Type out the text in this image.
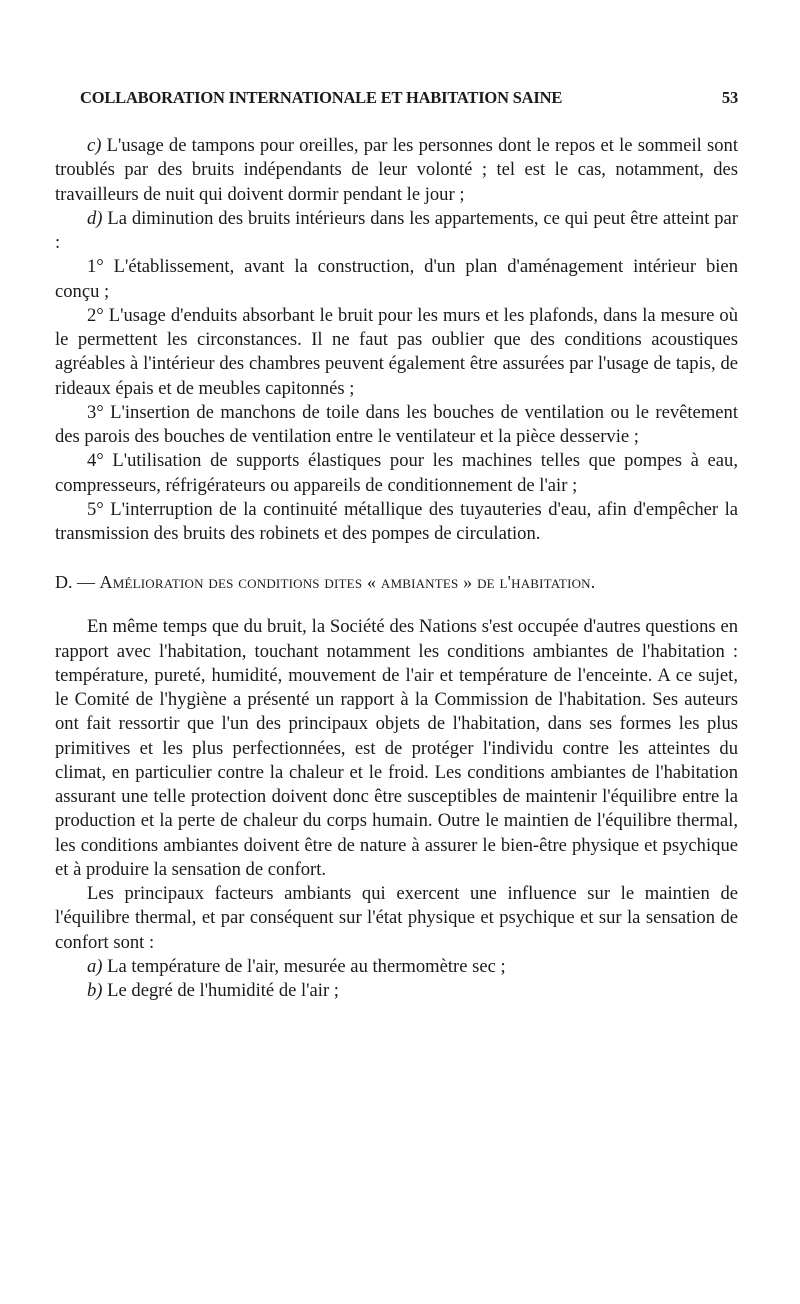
COLLABORATION INTERNATIONALE ET HABITATION SAINE	53

c) L'usage de tampons pour oreilles, par les personnes dont le repos et le sommeil sont troublés par des bruits indépendants de leur volonté ; tel est le cas, notamment, des travailleurs de nuit qui doivent dormir pendant le jour ;

d) La diminution des bruits intérieurs dans les appartements, ce qui peut être atteint par :

1° L'établissement, avant la construction, d'un plan d'aménagement intérieur bien conçu ;

2° L'usage d'enduits absorbant le bruit pour les murs et les plafonds, dans la mesure où le permettent les circonstances. Il ne faut pas oublier que des conditions acoustiques agréables à l'intérieur des chambres peuvent également être assurées par l'usage de tapis, de rideaux épais et de meubles capitonnés ;

3° L'insertion de manchons de toile dans les bouches de ventilation ou le revêtement des parois des bouches de ventilation entre le ventilateur et la pièce desservie ;

4° L'utilisation de supports élastiques pour les machines telles que pompes à eau, compresseurs, réfrigérateurs ou appareils de conditionnement de l'air ;

5° L'interruption de la continuité métallique des tuyauteries d'eau, afin d'empêcher la transmission des bruits des robinets et des pompes de circulation.

D. — Amélioration des conditions dites « ambiantes » de l'habitation.

En même temps que du bruit, la Société des Nations s'est occupée d'autres questions en rapport avec l'habitation, touchant notamment les conditions ambiantes de l'habitation : température, pureté, humidité, mouvement de l'air et température de l'enceinte. A ce sujet, le Comité de l'hygiène a présenté un rapport à la Commission de l'habitation. Ses auteurs ont fait ressortir que l'un des principaux objets de l'habitation, dans ses formes les plus primitives et les plus perfectionnées, est de protéger l'individu contre les atteintes du climat, en particulier contre la chaleur et le froid. Les conditions ambiantes de l'habitation assurant une telle protection doivent donc être susceptibles de maintenir l'équilibre entre la production et la perte de chaleur du corps humain. Outre le maintien de l'équilibre thermal, les conditions ambiantes doivent être de nature à assurer le bien-être physique et psychique et à produire la sensation de confort.

Les principaux facteurs ambiants qui exercent une influence sur le maintien de l'équilibre thermal, et par conséquent sur l'état physique et psychique et sur la sensation de confort sont :

a) La température de l'air, mesurée au thermomètre sec ;

b) Le degré de l'humidité de l'air ;
